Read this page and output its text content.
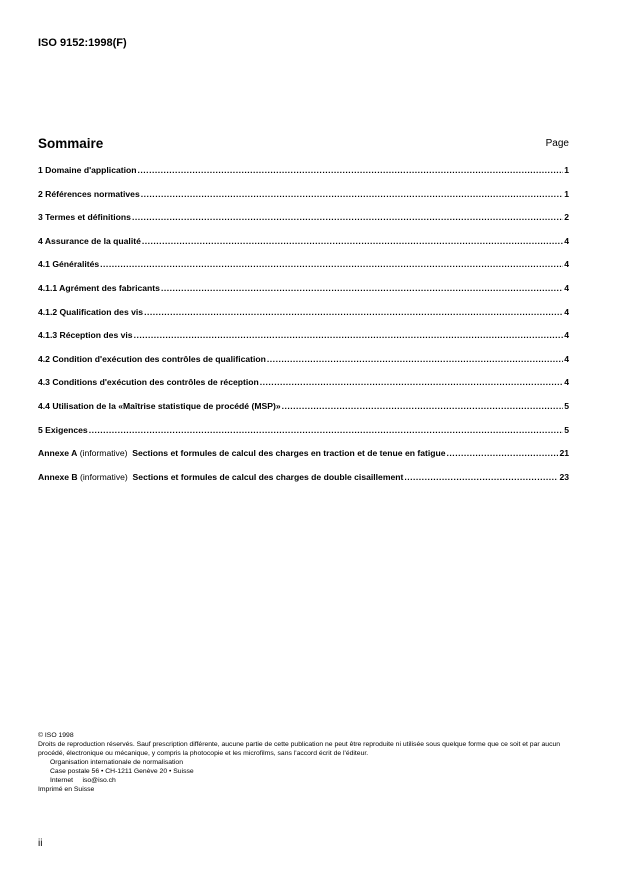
ISO 9152:1998(F)
Sommaire	Page
1 Domaine d'application .....	1
2 Références normatives .....	1
3 Termes et définitions .....	2
4 Assurance de la qualité .....	4
4.1 Généralités .....	4
4.1.1 Agrément des fabricants .....	4
4.1.2 Qualification des vis .....	4
4.1.3 Réception des vis .....	4
4.2 Condition d'exécution des contrôles de qualification .....	4
4.3 Conditions d'exécution des contrôles de réception .....	4
4.4 Utilisation de la «Maîtrise statistique de procédé (MSP)» .....	5
5 Exigences .....	5
Annexe A (informative)  Sections et formules de calcul des charges en traction et de tenue en fatigue .....	21
Annexe B (informative)  Sections et formules de calcul des charges de double cisaillement .....	23
© ISO 1998
Droits de reproduction réservés. Sauf prescription différente, aucune partie de cette publication ne peut être reproduite ni utilisée sous quelque forme que ce soit et par aucun procédé, électronique ou mécanique, y compris la photocopie et les microfilms, sans l'accord écrit de l'éditeur.
Organisation internationale de normalisation
Case postale 56 • CH-1211 Genève 20 • Suisse
Internet     iso@iso.ch
Imprimé en Suisse
ii
